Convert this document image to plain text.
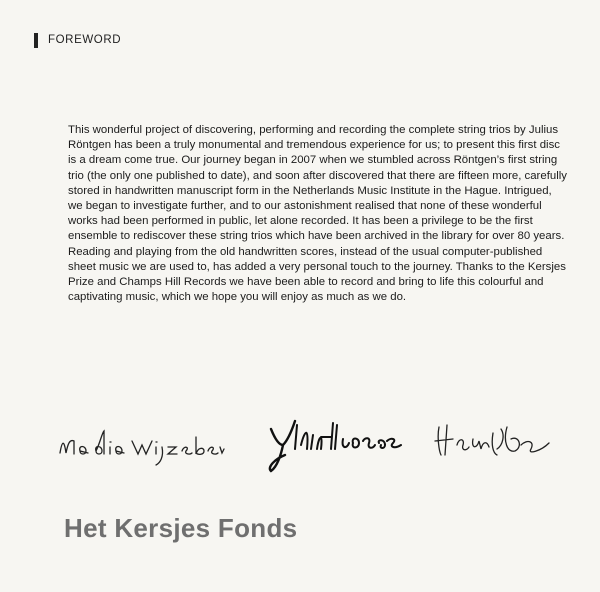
FOREWORD
This wonderful project of discovering, performing and recording the complete string trios by Julius Röntgen has been a truly monumental and tremendous experience for us; to present this first disc is a dream come true. Our journey began in 2007 when we stumbled across Röntgen’s first string trio (the only one published to date), and soon after discovered that there are fifteen more, carefully stored in handwritten manuscript form in the Netherlands Music Institute in the Hague. Intrigued, we began to investigate further, and to our astonishment realised that none of these wonderful works had been performed in public, let alone recorded. It has been a privilege to be the first ensemble to rediscover these string trios which have been archived in the library for over 80 years. Reading and playing from the old handwritten scores, instead of the usual computer-published sheet music we are used to, has added a very personal touch to the journey. Thanks to the Kersjes Prize and Champs Hill Records we have been able to record and bring to life this colourful and captivating music, which we hope you will enjoy as much as we do.
Het Kersjes Fonds
